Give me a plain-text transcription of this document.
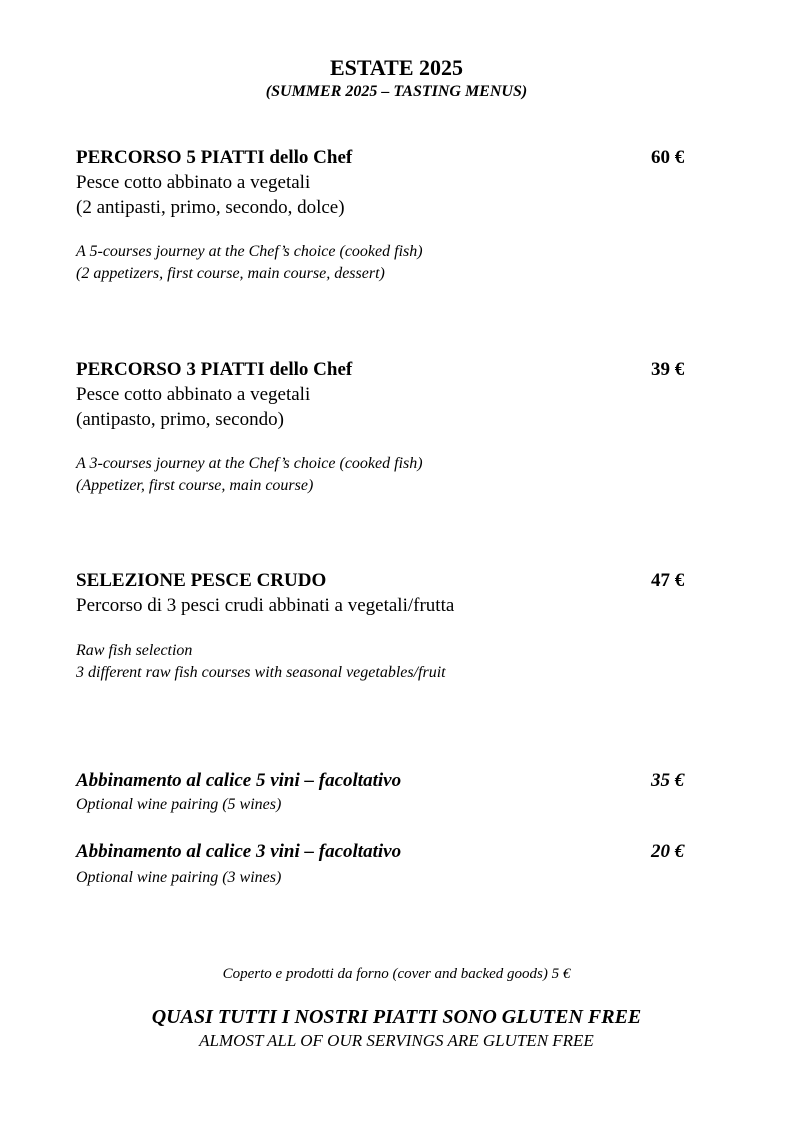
ESTATE 2025
(SUMMER 2025 – TASTING MENUS)
PERCORSO 5 PIATTI dello Chef	60 €
Pesce cotto abbinato a vegetali
(2 antipasti, primo, secondo, dolce)
A 5-courses journey at the Chef’s choice (cooked fish)
(2 appetizers, first course, main course, dessert)
PERCORSO 3 PIATTI dello Chef	39 €
Pesce cotto abbinato a vegetali
(antipasto, primo, secondo)
A 3-courses journey at the Chef’s choice (cooked fish)
(Appetizer, first course, main course)
SELEZIONE PESCE CRUDO	47 €
Percorso di 3 pesci crudi abbinati a vegetali/frutta
Raw fish selection
3 different raw fish courses with seasonal vegetables/fruit
Abbinamento al calice 5 vini – facoltativo	35 €
Optional wine pairing (5 wines)
Abbinamento al calice 3 vini – facoltativo	20 €
Optional wine pairing (3 wines)
Coperto e prodotti da forno (cover and backed goods) 5 €
QUASI TUTTI I NOSTRI PIATTI SONO GLUTEN FREE
ALMOST ALL OF OUR SERVINGS ARE GLUTEN FREE
